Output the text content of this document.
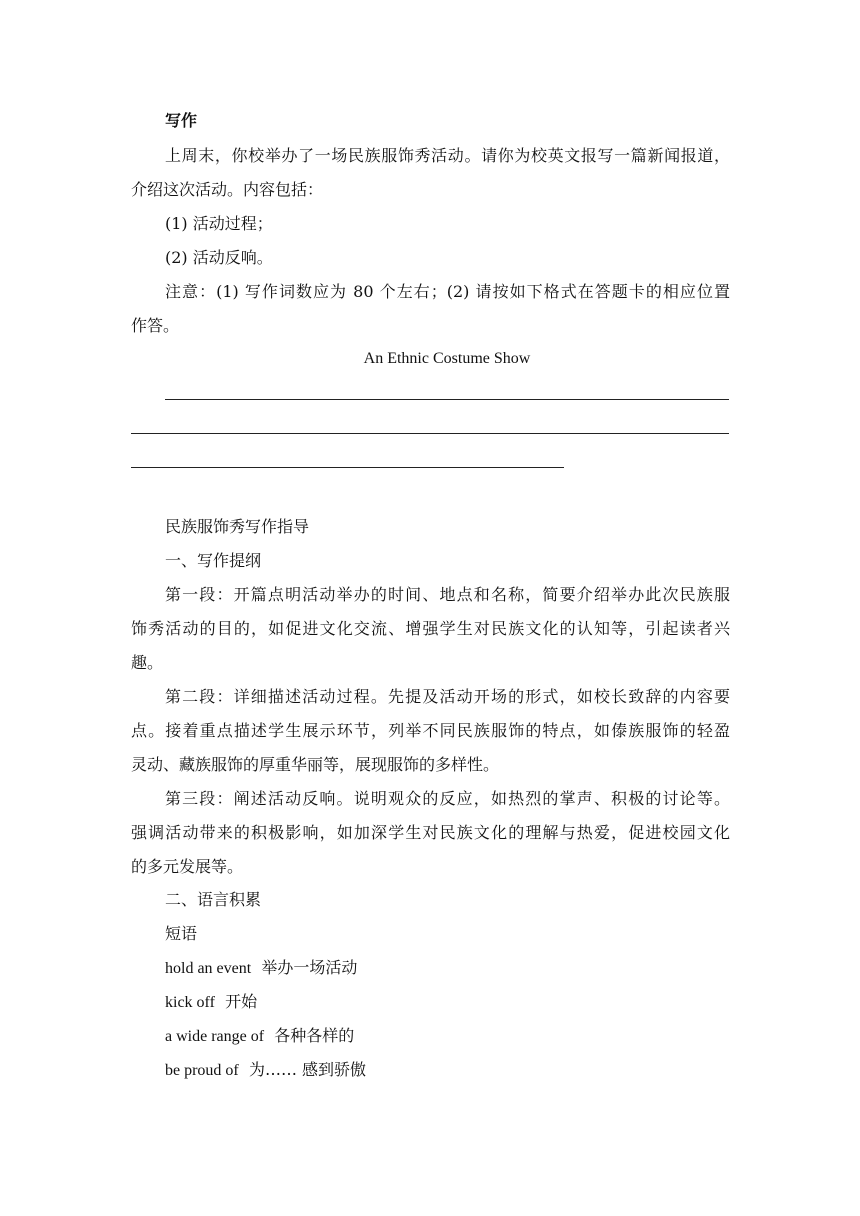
写作
上周末，你校举办了一场民族服饰秀活动。请你为校英文报写一篇新闻报道，
介绍这次活动。内容包括：
(1) 活动过程；
(2) 活动反响。
注意：(1) 写作词数应为 80 个左右；(2) 请按如下格式在答题卡的相应位置
作答。
An Ethnic Costume Show
民族服饰秀写作指导
一、写作提纲
第一段：开篇点明活动举办的时间、地点和名称，简要介绍举办此次民族服
饰秀活动的目的，如促进文化交流、增强学生对民族文化的认知等，引起读者兴
趣。
第二段：详细描述活动过程。先提及活动开场的形式，如校长致辞的内容要
点。接着重点描述学生展示环节，列举不同民族服饰的特点，如傣族服饰的轻盈
灵动、藏族服饰的厚重华丽等，展现服饰的多样性。
第三段：阐述活动反响。说明观众的反应，如热烈的掌声、积极的讨论等。
强调活动带来的积极影响，如加深学生对民族文化的理解与热爱，促进校园文化
的多元发展等。
二、语言积累
短语
hold an event 举办一场活动
kick off 开始
a wide range of 各种各样的
be proud of 为…… 感到骄傲
